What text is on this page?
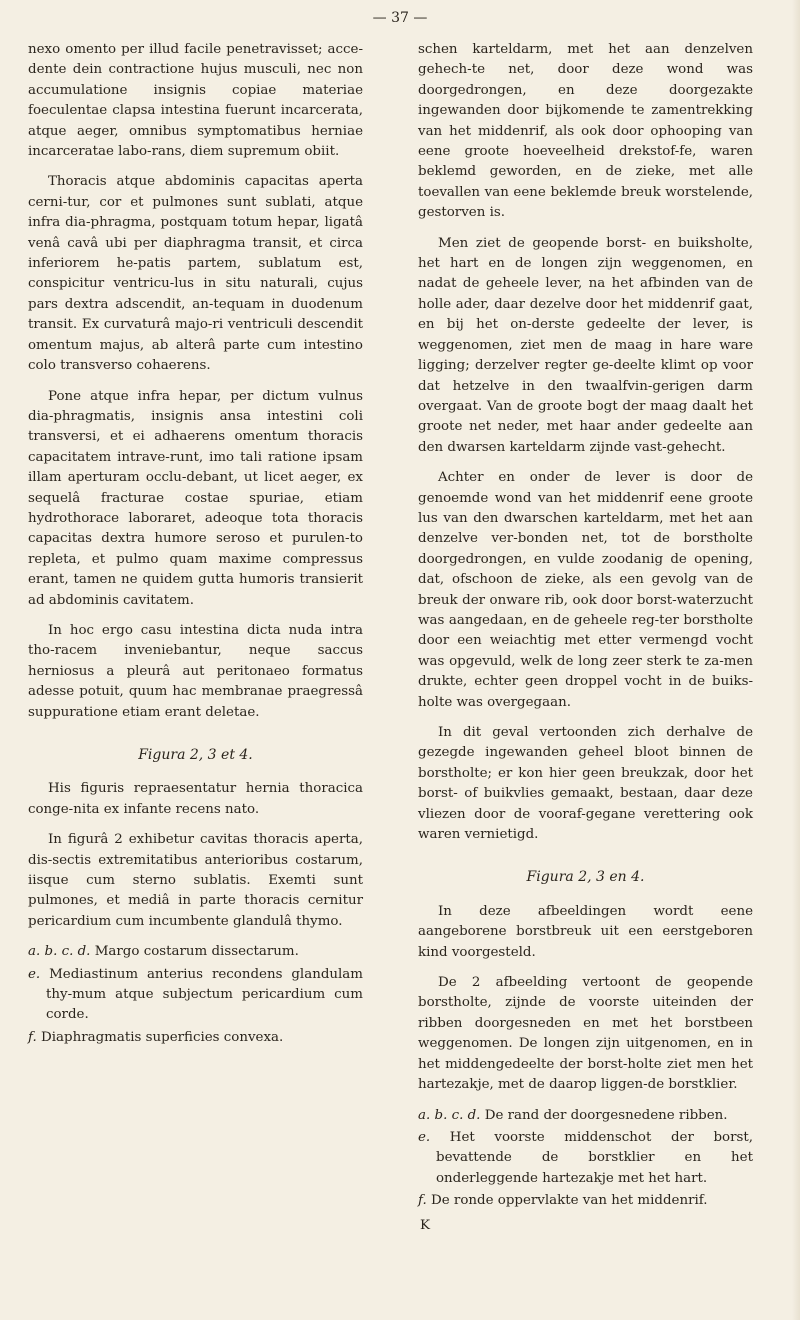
— 37 —

nexo omento per illud facile penetravisset; acce-dente dein contractione hujus musculi, nec non accumulatione insignis copiae materiae foeculentae clapsa intestina fuerunt incarcerata, atque aeger, omnibus symptomatibus herniae incarceratae labo-rans, diem supremum obiit.

Thoracis atque abdominis capacitas aperta cerni-tur, cor et pulmones sunt sublati, atque infra dia-phragma, postquam totum hepar, ligatâ venâ cavâ ubi per diaphragma transit, et circa inferiorem he-patis partem, sublatum est, conspicitur ventricu-lus in situ naturali, cujus pars dextra adscendit, an-tequam in duodenum transit. Ex curvaturâ majo-ri ventriculi descendit omentum majus, ab alterâ parte cum intestino colo transverso cohaerens.

Pone atque infra hepar, per dictum vulnus dia-phragmatis, insignis ansa intestini coli transversi, et ei adhaerens omentum thoracis capacitatem intrave-runt, imo tali ratione ipsam illam aperturam occlu-debant, ut licet aeger, ex sequelâ fracturae costae spuriae, etiam hydrothorace laboraret, adeoque tota thoracis capacitas dextra humore seroso et purulen-to repleta, et pulmo quam maxime compressus erant, tamen ne quidem gutta humoris transierit ad abdominis cavitatem.

In hoc ergo casu intestina dicta nuda intra tho-racem inveniebantur, neque saccus herniosus a pleurâ aut peritonaeo formatus adesse potuit, quum hac membranae praegressâ suppuratione etiam erant deletae.

Figura 2, 3 et 4.

His figuris repraesentatur hernia thoracica conge-nita ex infante recens nato.

In figurâ 2 exhibetur cavitas thoracis aperta, dis-sectis extremitatibus anterioribus costarum, iisque cum sterno sublatis. Exemti sunt pulmones, et mediâ in parte thoracis cernitur pericardium cum incumbente glandulâ thymo.

a. b. c. d. Margo costarum dissectarum.
e. Mediastinum anterius recondens glandulam thy-mum atque subjectum pericardium cum corde.
f. Diaphragmatis superficies convexa.

schen karteldarm, met het aan denzelven gehech-te net, door deze wond was doorgedrongen, en deze doorgezakte ingewanden door bijkomende te zamentrekking van het middenrif, als ook door ophooping van eene groote hoeveelheid drekstof-fe, waren beklemd geworden, en de zieke, met alle toevallen van eene beklemde breuk worstelende, gestorven is.

Men ziet de geopende borst- en buiksholte, het hart en de longen zijn weggenomen, en nadat de geheele lever, na het afbinden van de holle ader, daar dezelve door het middenrif gaat, en bij het on-derste gedeelte der lever, is weggenomen, ziet men de maag in hare ware ligging; derzelver regter ge-deelte klimt op voor dat hetzelve in den twaalfvin-gerigen darm overgaat. Van de groote bogt der maag daalt het groote net neder, met haar ander gedeelte aan den dwarsen karteldarm zijnde vast-gehecht.

Achter en onder de lever is door de genoemde wond van het middenrif eene groote lus van den dwarschen karteldarm, met het aan denzelve ver-bonden net, tot de borstholte doorgedrongen, en vulde zoodanig de opening, dat, ofschoon de zieke, als een gevolg van de breuk der onware rib, ook door borst-waterzucht was aangedaan, en de geheele reg-ter borstholte door een weiachtig met etter vermengd vocht was opgevuld, welk de long zeer sterk te za-men drukte, echter geen droppel vocht in de buiks-holte was overgegaan.

In dit geval vertoonden zich derhalve de gezegde ingewanden geheel bloot binnen de borstholte; er kon hier geen breukzak, door het borst- of buikvlies gemaakt, bestaan, daar deze vliezen door de vooraf-gegane verettering ook waren vernietigd.

Figura 2, 3 en 4.

In deze afbeeldingen wordt eene aangeborene borstbreuk uit een eerstgeboren kind voorgesteld.

De 2 afbeelding vertoont de geopende borstholte, zijnde de voorste uiteinden der ribben doorgesneden en met het borstbeen weggenomen. De longen zijn uitgenomen, en in het middengedeelte der borst-holte ziet men het hartezakje, met de daarop liggen-de borstklier.

a. b. c. d. De rand der doorgesnedene ribben.
e. Het voorste middenschot der borst, bevattende de borstklier en het onderleggende hartezakje met het hart.
f. De ronde oppervlakte van het middenrif.
K
